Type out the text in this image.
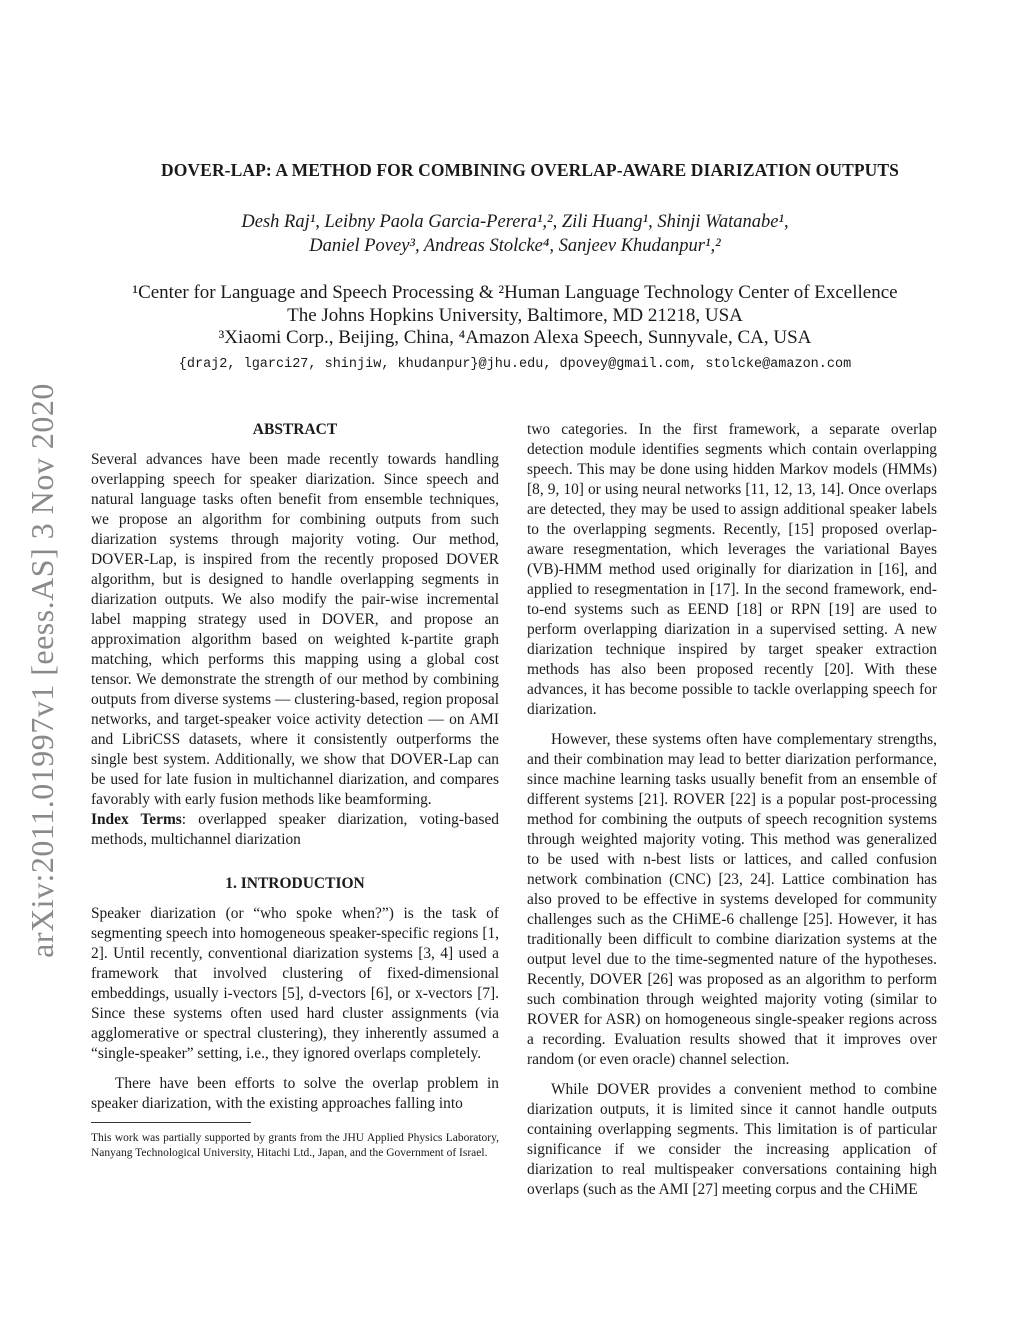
arXiv:2011.01997v1 [eess.AS] 3 Nov 2020
DOVER-LAP: A METHOD FOR COMBINING OVERLAP-AWARE DIARIZATION OUTPUTS
Desh Raj¹, Leibny Paola Garcia-Perera¹,², Zili Huang¹, Shinji Watanabe¹,
Daniel Povey³, Andreas Stolcke⁴, Sanjeev Khudanpur¹,²
¹Center for Language and Speech Processing & ²Human Language Technology Center of Excellence
The Johns Hopkins University, Baltimore, MD 21218, USA
³Xiaomi Corp., Beijing, China, ⁴Amazon Alexa Speech, Sunnyvale, CA, USA
{draj2, lgarci27, shinjiw, khudanpur}@jhu.edu, dpovey@gmail.com, stolcke@amazon.com
ABSTRACT

Several advances have been made recently towards handling overlapping speech for speaker diarization. Since speech and natural language tasks often benefit from ensemble techniques, we propose an algorithm for combining outputs from such diarization systems through majority voting. Our method, DOVER-Lap, is inspired from the recently proposed DOVER algorithm, but is designed to handle overlapping segments in diarization outputs. We also modify the pair-wise incremental label mapping strategy used in DOVER, and propose an approximation algorithm based on weighted k-partite graph matching, which performs this mapping using a global cost tensor. We demonstrate the strength of our method by combining outputs from diverse systems — clustering-based, region proposal networks, and target-speaker voice activity detection — on AMI and LibriCSS datasets, where it consistently outperforms the single best system. Additionally, we show that DOVER-Lap can be used for late fusion in multichannel diarization, and compares favorably with early fusion methods like beamforming.

Index Terms: overlapped speaker diarization, voting-based methods, multichannel diarization

1. INTRODUCTION

Speaker diarization (or “who spoke when?”) is the task of segmenting speech into homogeneous speaker-specific regions [1, 2]. Until recently, conventional diarization systems [3, 4] used a framework that involved clustering of fixed-dimensional embeddings, usually i-vectors [5], d-vectors [6], or x-vectors [7]. Since these systems often used hard cluster assignments (via agglomerative or spectral clustering), they inherently assumed a “single-speaker” setting, i.e., they ignored overlaps completely.

There have been efforts to solve the overlap problem in speaker diarization, with the existing approaches falling into

This work was partially supported by grants from the JHU Applied Physics Laboratory, Nanyang Technological University, Hitachi Ltd., Japan, and the Government of Israel.

two categories. In the first framework, a separate overlap detection module identifies segments which contain overlapping speech. This may be done using hidden Markov models (HMMs) [8, 9, 10] or using neural networks [11, 12, 13, 14]. Once overlaps are detected, they may be used to assign additional speaker labels to the overlapping segments. Recently, [15] proposed overlap-aware resegmentation, which leverages the variational Bayes (VB)-HMM method used originally for diarization in [16], and applied to resegmentation in [17]. In the second framework, end-to-end systems such as EEND [18] or RPN [19] are used to perform overlapping diarization in a supervised setting. A new diarization technique inspired by target speaker extraction methods has also been proposed recently [20]. With these advances, it has become possible to tackle overlapping speech for diarization.

However, these systems often have complementary strengths, and their combination may lead to better diarization performance, since machine learning tasks usually benefit from an ensemble of different systems [21]. ROVER [22] is a popular post-processing method for combining the outputs of speech recognition systems through weighted majority voting. This method was generalized to be used with n-best lists or lattices, and called confusion network combination (CNC) [23, 24]. Lattice combination has also proved to be effective in systems developed for community challenges such as the CHiME-6 challenge [25]. However, it has traditionally been difficult to combine diarization systems at the output level due to the time-segmented nature of the hypotheses. Recently, DOVER [26] was proposed as an algorithm to perform such combination through weighted majority voting (similar to ROVER for ASR) on homogeneous single-speaker regions across a recording. Evaluation results showed that it improves over random (or even oracle) channel selection.

While DOVER provides a convenient method to combine diarization outputs, it is limited since it cannot handle outputs containing overlapping segments. This limitation is of particular significance if we consider the increasing application of diarization to real multispeaker conversations containing high overlaps (such as the AMI [27] meeting corpus and the CHiME
